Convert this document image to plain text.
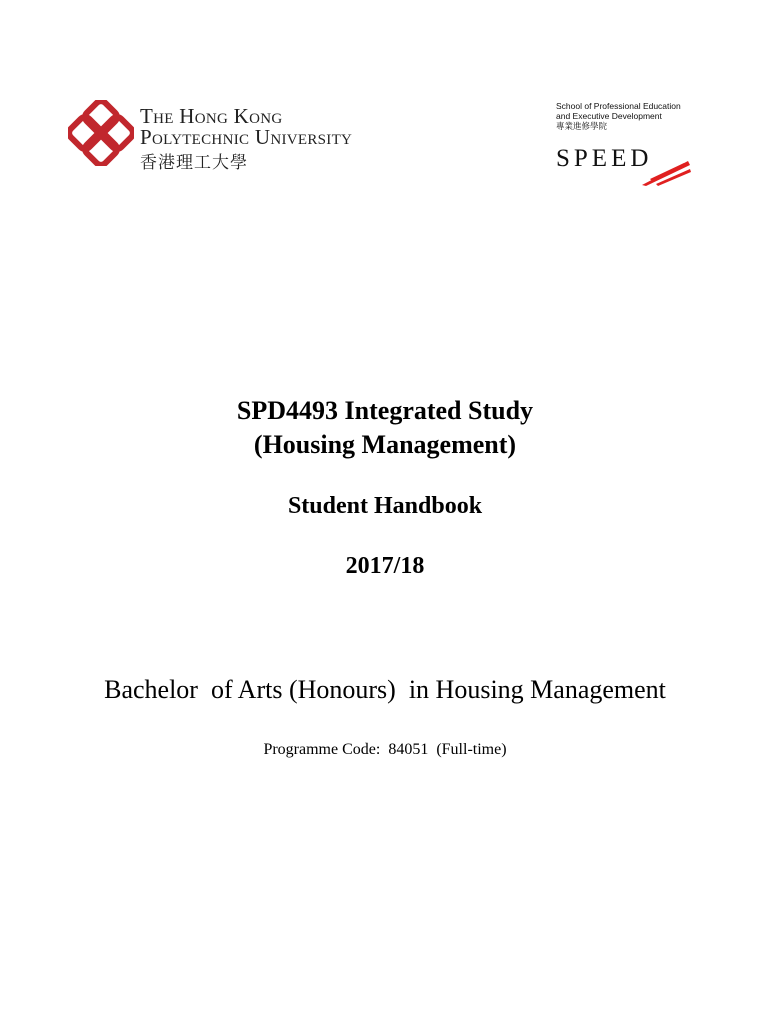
The Hong Kong
Polytechnic University
香港理工大學
School of Professional Education
and Executive Development
專業進修學院
SPEED
SPD4493 Integrated Study
(Housing Management)
Student Handbook
2017/18
Bachelor  of Arts (Honours)  in Housing Management
Programme Code:  84051  (Full-time)
